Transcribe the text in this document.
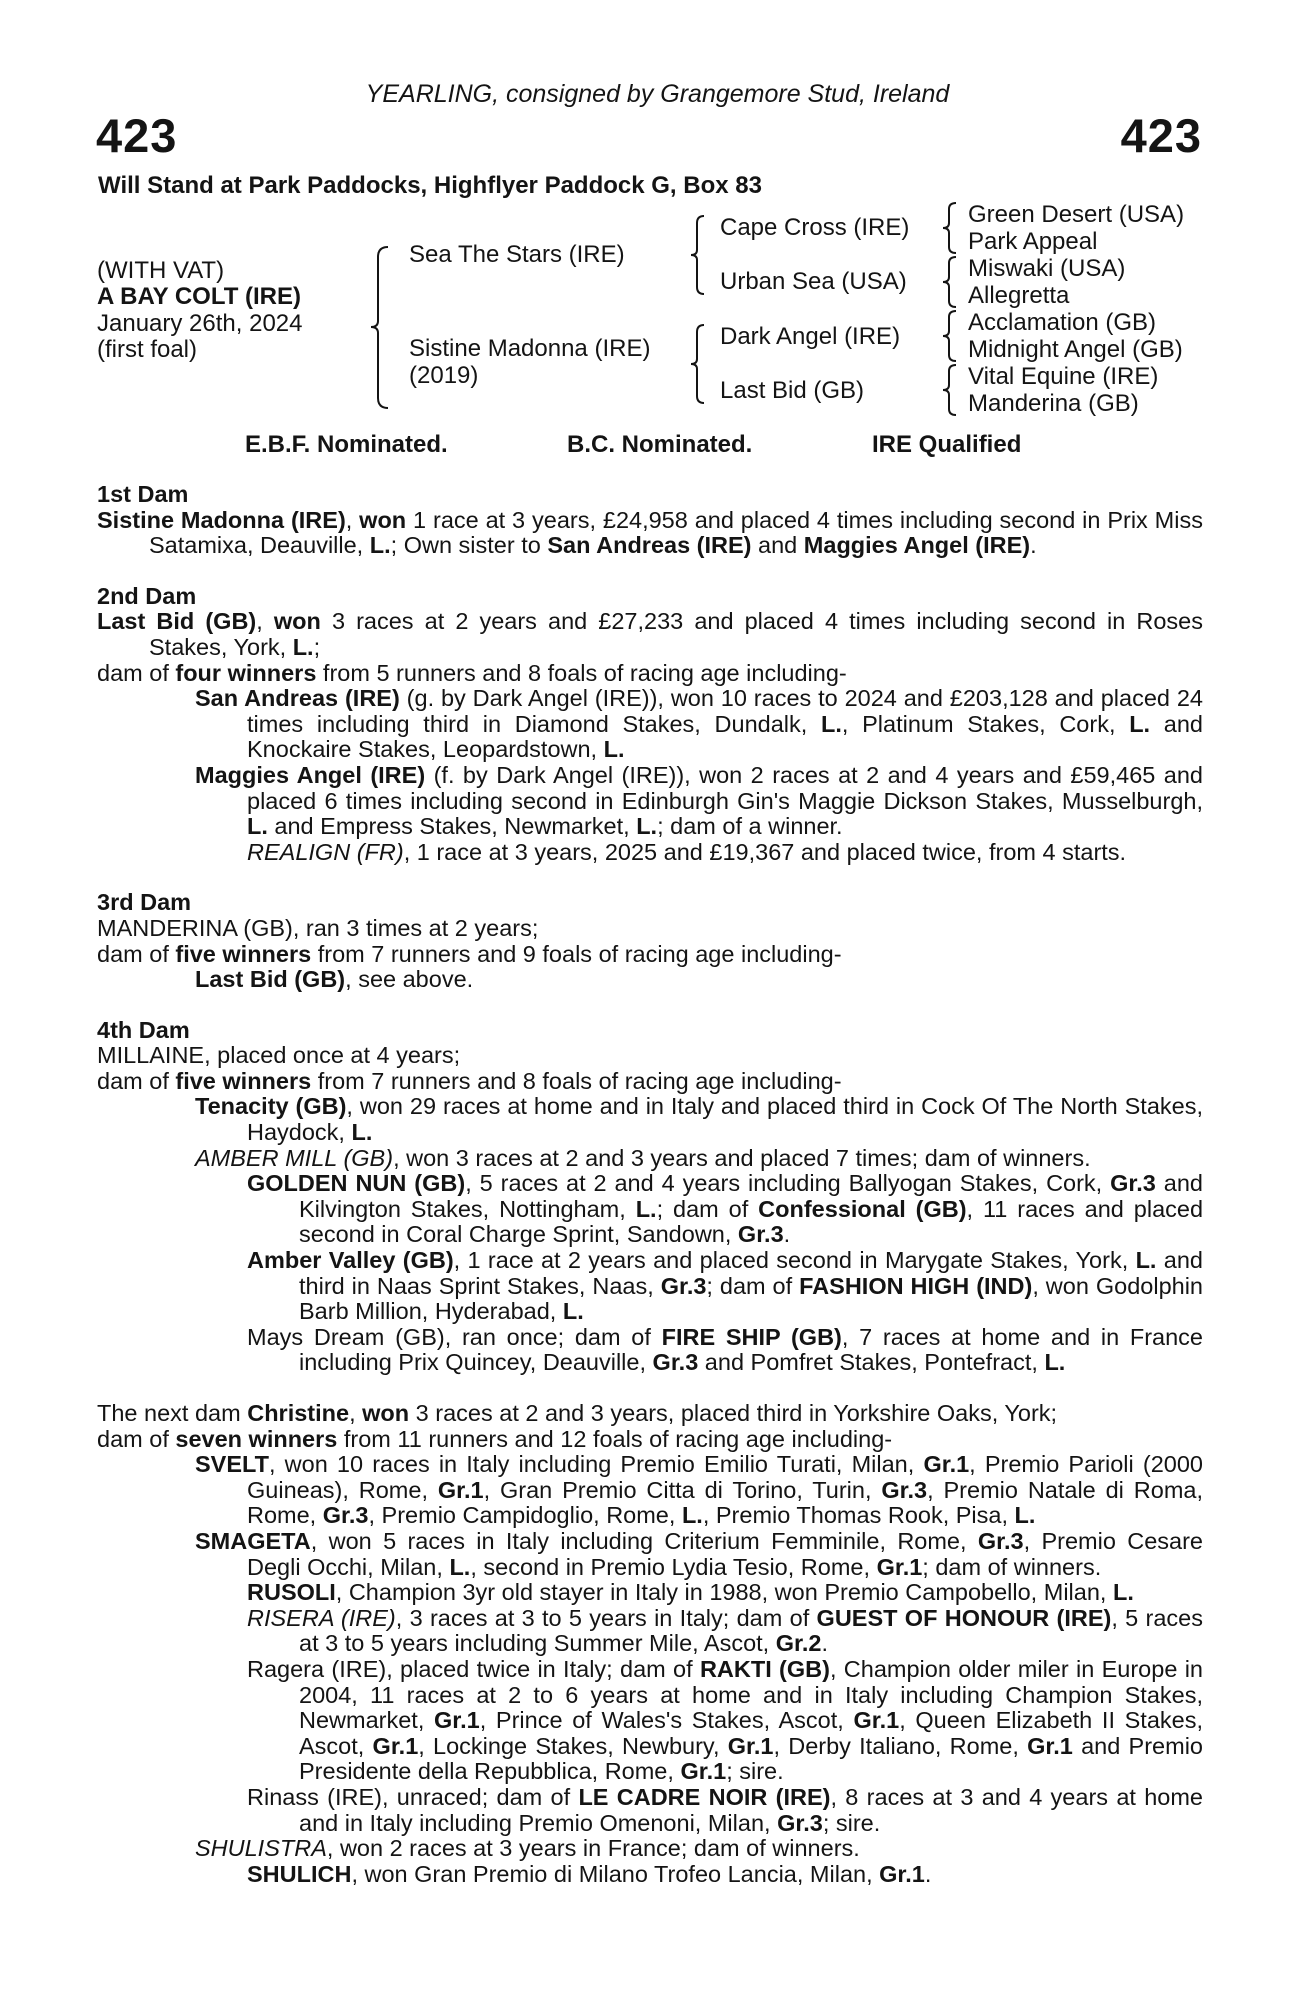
YEARLING, consigned by Grangemore Stud, Ireland
423	423
Will Stand at Park Paddocks, Highflyer Paddock G, Box 83
(WITH VAT)
A BAY COLT (IRE)
January 26th, 2024
(first foal)
Sea The Stars (IRE)
Sistine Madonna (IRE)
(2019)
Cape Cross (IRE)
Urban Sea (USA)
Dark Angel (IRE)
Last Bid (GB)
Green Desert (USA)
Park Appeal
Miswaki (USA)
Allegretta
Acclamation (GB)
Midnight Angel (GB)
Vital Equine (IRE)
Manderina (GB)
E.B.F. Nominated.	B.C. Nominated.	IRE Qualified

1st Dam

Sistine Madonna (IRE), won 1 race at 3 years, £24,958 and placed 4 times including second in Prix Miss Satamixa, Deauville, L.; Own sister to San Andreas (IRE) and Maggies Angel (IRE).

2nd Dam

Last Bid (GB), won 3 races at 2 years and £27,233 and placed 4 times including second in Roses Stakes, York, L.;

dam of four winners from 5 runners and 8 foals of racing age including-

San Andreas (IRE) (g. by Dark Angel (IRE)), won 10 races to 2024 and £203,128 and placed 24 times including third in Diamond Stakes, Dundalk, L., Platinum Stakes, Cork, L. and Knockaire Stakes, Leopardstown, L.

Maggies Angel (IRE) (f. by Dark Angel (IRE)), won 2 races at 2 and 4 years and £59,465 and placed 6 times including second in Edinburgh Gin's Maggie Dickson Stakes, Musselburgh, L. and Empress Stakes, Newmarket, L.; dam of a winner.

REALIGN (FR), 1 race at 3 years, 2025 and £19,367 and placed twice, from 4 starts.

3rd Dam

MANDERINA (GB), ran 3 times at 2 years;

dam of five winners from 7 runners and 9 foals of racing age including-

Last Bid (GB), see above.

4th Dam

MILLAINE, placed once at 4 years;

dam of five winners from 7 runners and 8 foals of racing age including-

Tenacity (GB), won 29 races at home and in Italy and placed third in Cock Of The North Stakes, Haydock, L.

AMBER MILL (GB), won 3 races at 2 and 3 years and placed 7 times; dam of winners.

GOLDEN NUN (GB), 5 races at 2 and 4 years including Ballyogan Stakes, Cork, Gr.3 and Kilvington Stakes, Nottingham, L.; dam of Confessional (GB), 11 races and placed second in Coral Charge Sprint, Sandown, Gr.3.

Amber Valley (GB), 1 race at 2 years and placed second in Marygate Stakes, York, L. and third in Naas Sprint Stakes, Naas, Gr.3; dam of FASHION HIGH (IND), won Godolphin Barb Million, Hyderabad, L.

Mays Dream (GB), ran once; dam of FIRE SHIP (GB), 7 races at home and in France including Prix Quincey, Deauville, Gr.3 and Pomfret Stakes, Pontefract, L.

The next dam Christine, won 3 races at 2 and 3 years, placed third in Yorkshire Oaks, York;

dam of seven winners from 11 runners and 12 foals of racing age including-

SVELT, won 10 races in Italy including Premio Emilio Turati, Milan, Gr.1, Premio Parioli (2000 Guineas), Rome, Gr.1, Gran Premio Citta di Torino, Turin, Gr.3, Premio Natale di Roma, Rome, Gr.3, Premio Campidoglio, Rome, L., Premio Thomas Rook, Pisa, L.

SMAGETA, won 5 races in Italy including Criterium Femminile, Rome, Gr.3, Premio Cesare Degli Occhi, Milan, L., second in Premio Lydia Tesio, Rome, Gr.1; dam of winners.

RUSOLI, Champion 3yr old stayer in Italy in 1988, won Premio Campobello, Milan, L.

RISERA (IRE), 3 races at 3 to 5 years in Italy; dam of GUEST OF HONOUR (IRE), 5 races at 3 to 5 years including Summer Mile, Ascot, Gr.2.

Ragera (IRE), placed twice in Italy; dam of RAKTI (GB), Champion older miler in Europe in 2004, 11 races at 2 to 6 years at home and in Italy including Champion Stakes, Newmarket, Gr.1, Prince of Wales's Stakes, Ascot, Gr.1, Queen Elizabeth II Stakes, Ascot, Gr.1, Lockinge Stakes, Newbury, Gr.1, Derby Italiano, Rome, Gr.1 and Premio Presidente della Repubblica, Rome, Gr.1; sire.

Rinass (IRE), unraced; dam of LE CADRE NOIR (IRE), 8 races at 3 and 4 years at home and in Italy including Premio Omenoni, Milan, Gr.3; sire.

SHULISTRA, won 2 races at 3 years in France; dam of winners.

SHULICH, won Gran Premio di Milano Trofeo Lancia, Milan, Gr.1.
